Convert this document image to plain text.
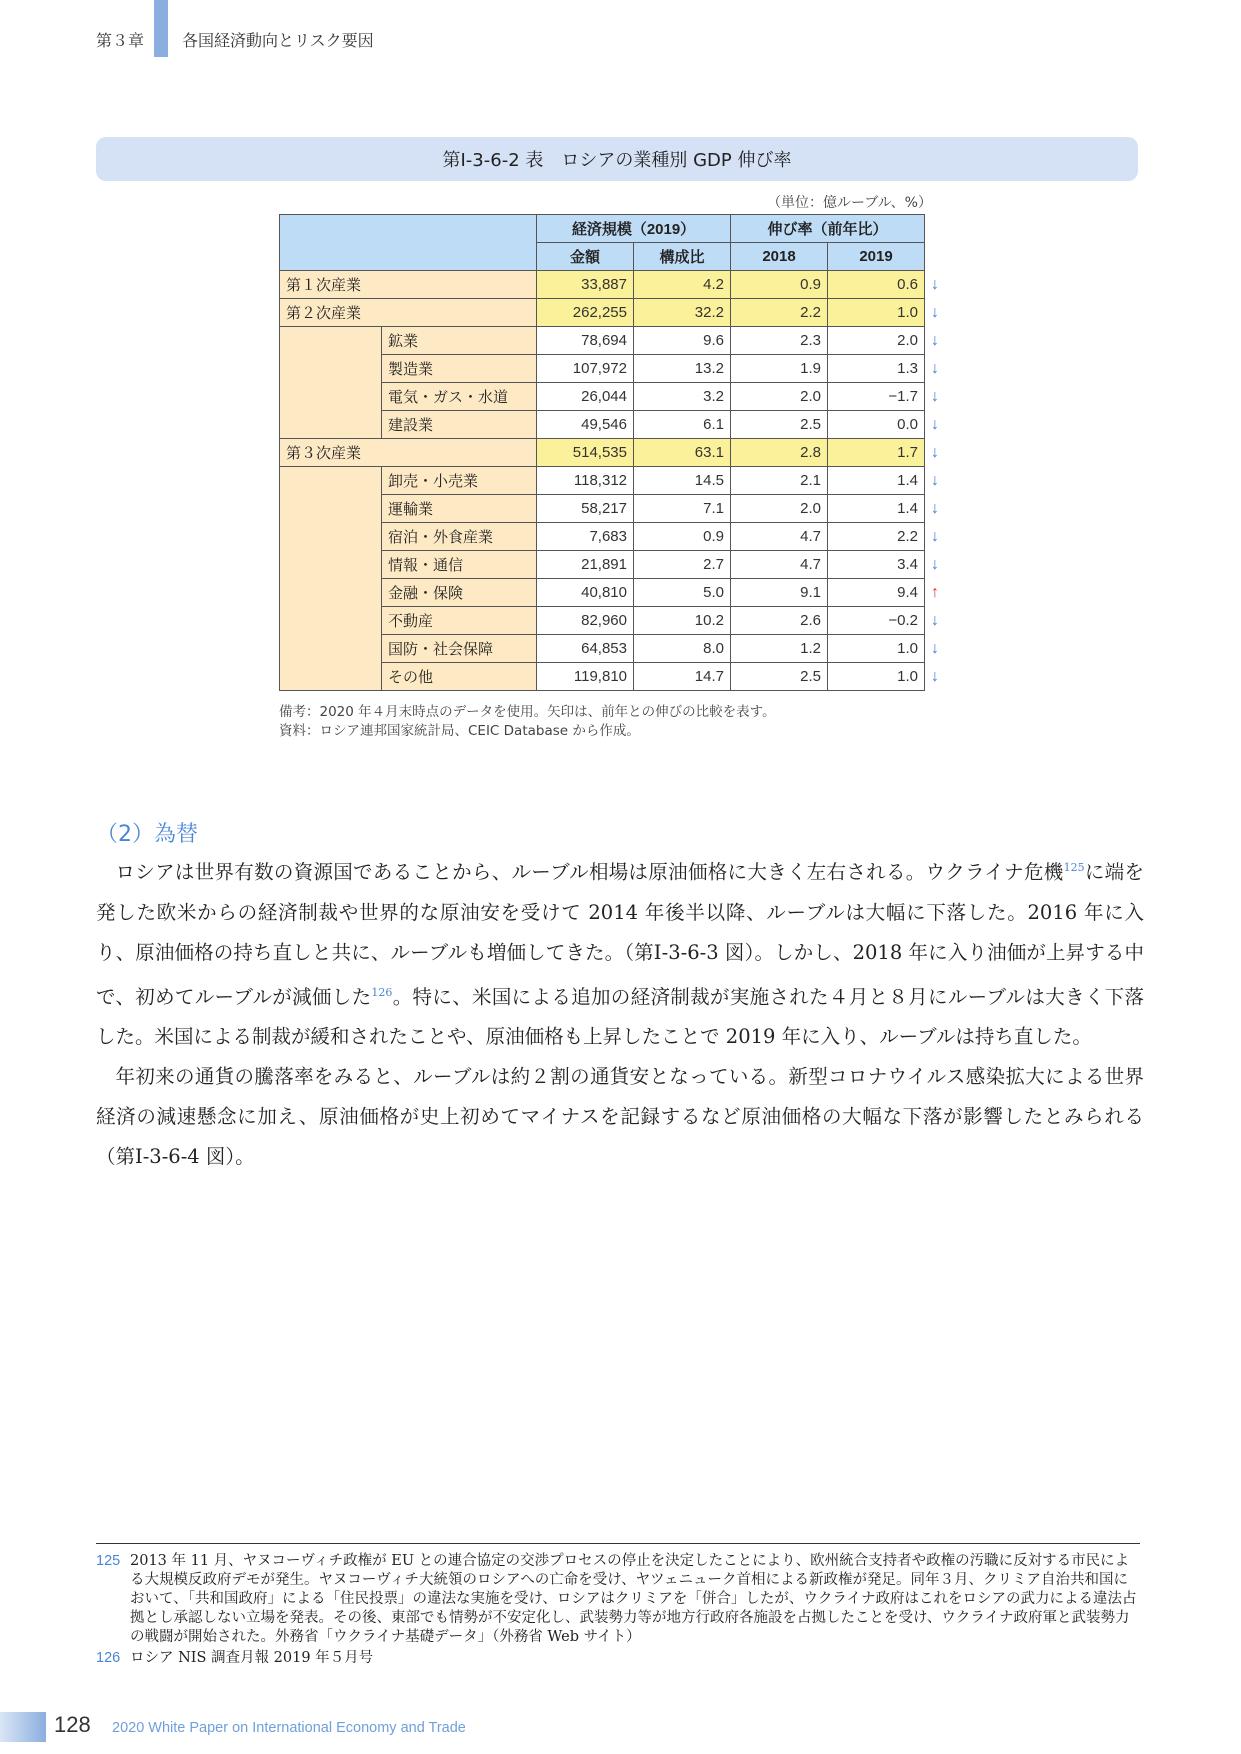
第３章 各国経済動向とリスク要因
第Ⅰ-3-6-2 表　ロシアの業種別 GDP 伸び率
（単位：億ルーブル、%）
		経済規模（2019）		伸び率（前年比）		
		金額	構成比	2018	2019	
第１次産業		33,887	4.2	0.9	0.6	↓
第２次産業		262,255	32.2	2.2	1.0	↓
	鉱業	78,694	9.6	2.3	2.0	↓
	製造業	107,972	13.2	1.9	1.3	↓
	電気・ガス・水道	26,044	3.2	2.0	−1.7	↓
	建設業	49,546	6.1	2.5	0.0	↓
第３次産業		514,535	63.1	2.8	1.7	↓
	卸売・小売業	118,312	14.5	2.1	1.4	↓
	運輸業	58,217	7.1	2.0	1.4	↓
	宿泊・外食産業	7,683	0.9	4.7	2.2	↓
	情報・通信	21,891	2.7	4.7	3.4	↓
	金融・保険	40,810	5.0	9.1	9.4	↑
	不動産	82,960	10.2	2.6	−0.2	↓
	国防・社会保障	64,853	8.0	1.2	1.0	↓
	その他	119,810	14.7	2.5	1.0	↓
備考：2020 年４月末時点のデータを使用。矢印は、前年との伸びの比較を表す。
資料：ロシア連邦国家統計局、CEIC Database から作成。
（2）為替

ロシアは世界有数の資源国であることから、ルーブル相場は原油価格に大きく左右される。ウクライナ危機$^{125}$に端を発した欧米からの経済制裁や世界的な原油安を受けて 2014 年後半以降、ルーブルは大幅に下落した。2016 年に入り、原油価格の持ち直しと共に、ルーブルも増価してきた。（第Ⅰ-3-6-3 図）。しかし、2018 年に入り油価が上昇する中で、初めてルーブルが減価した$^{126}$。特に、米国による追加の経済制裁が実施された４月と８月にルーブルは大きく下落した。米国による制裁が緩和されたことや、原油価格も上昇したことで 2019 年に入り、ルーブルは持ち直した。

年初来の通貨の騰落率をみると、ルーブルは約２割の通貨安となっている。新型コロナウイルス感染拡大による世界経済の減速懸念に加え、原油価格が史上初めてマイナスを記録するなど原油価格の大幅な下落が影響したとみられる（第Ⅰ-3-6-4 図）。

125 2013 年 11 月、ヤヌコーヴィチ政権が EU との連合協定の交渉プロセスの停止を決定したことにより、欧州統合支持者や政権の汚職に反対する市民による大規模反政府デモが発生。ヤヌコーヴィチ大統領のロシアへの亡命を受け、ヤツェニューク首相による新政権が発足。同年３月、クリミア自治共和国において、「共和国政府」による「住民投票」の違法な実施を受け、ロシアはクリミアを「併合」したが、ウクライナ政府はこれをロシアの武力による違法占拠とし承認しない立場を発表。その後、東部でも情勢が不安定化し、武装勢力等が地方行政府各施設を占拠したことを受け、ウクライナ政府軍と武装勢力の戦闘が開始された。外務省「ウクライナ基礎データ」（外務省 Web サイト）
126 ロシア NIS 調査月報 2019 年５月号
128 2020 White Paper on International Economy and Trade
